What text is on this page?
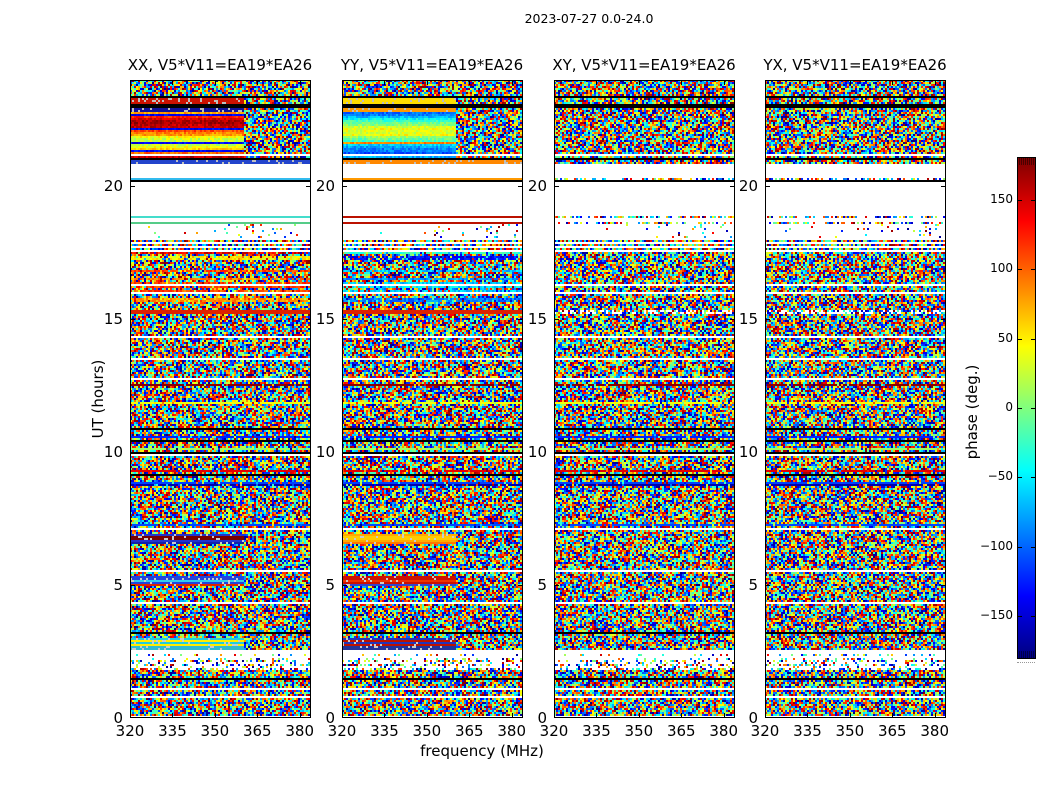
2023-07-27 0.0-24.0
XX, V5*V11=EA19*EA26 YY, V5*V11=EA19*EA26 XY, V5*V11=EA19*EA26 YX, V5*V11=EA19*EA26
frequency (MHz)
UT (hours)	phase (deg.)
0
5
10
15
20
320 335 350 365 380
0
5
10
15
20
320 335 350 365 380
0
5
10
15
20
320 335 350 365 380
0
5
10
15
20
320 335 350 365 380
150
100
50
0
−50
−100
−150
